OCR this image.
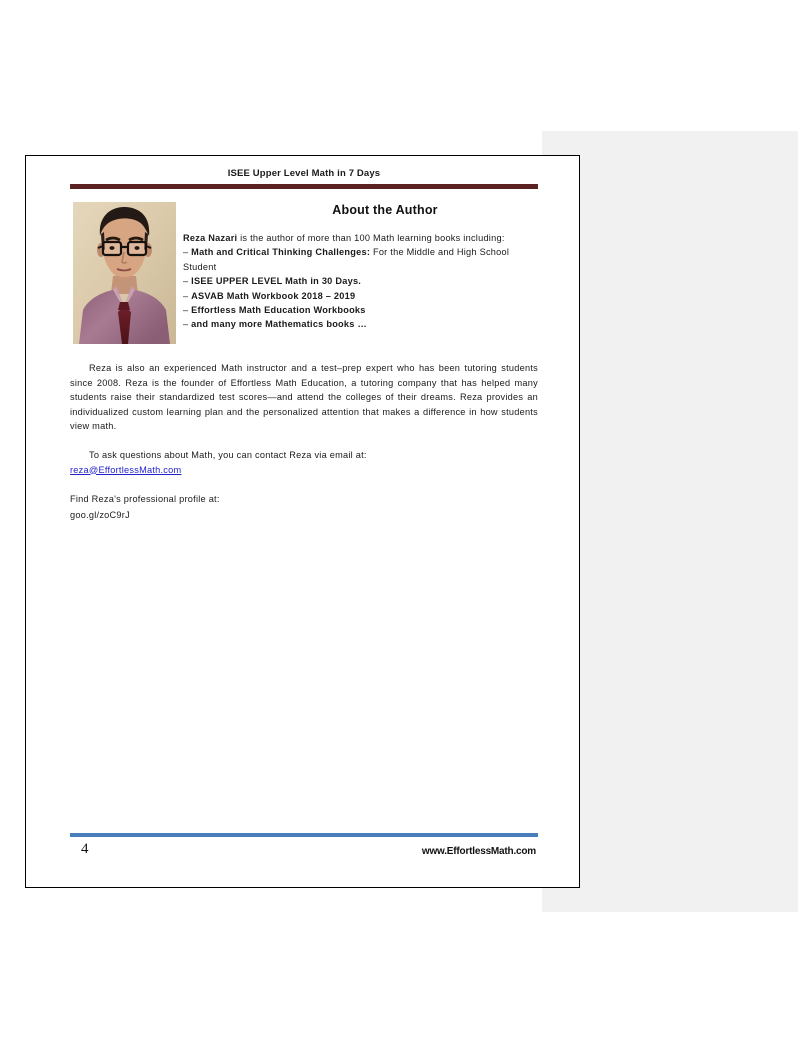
ISEE Upper Level Math in 7 Days
About the Author
Reza Nazari is the author of more than 100 Math learning books including:
– Math and Critical Thinking Challenges: For the Middle and High School Student
– ISEE UPPER LEVEL Math in 30 Days.
– ASVAB Math Workbook 2018 – 2019
– Effortless Math Education Workbooks
– and many more Mathematics books …
Reza is also an experienced Math instructor and a test–prep expert who has been tutoring students since 2008. Reza is the founder of Effortless Math Education, a tutoring company that has helped many students raise their standardized test scores—and attend the colleges of their dreams. Reza provides an individualized custom learning plan and the personalized attention that makes a difference in how students view math.
To ask questions about Math, you can contact Reza via email at:
reza@EffortlessMath.com
Find Reza's professional profile at:
goo.gl/zoC9rJ
4	www.EffortlessMath.com
